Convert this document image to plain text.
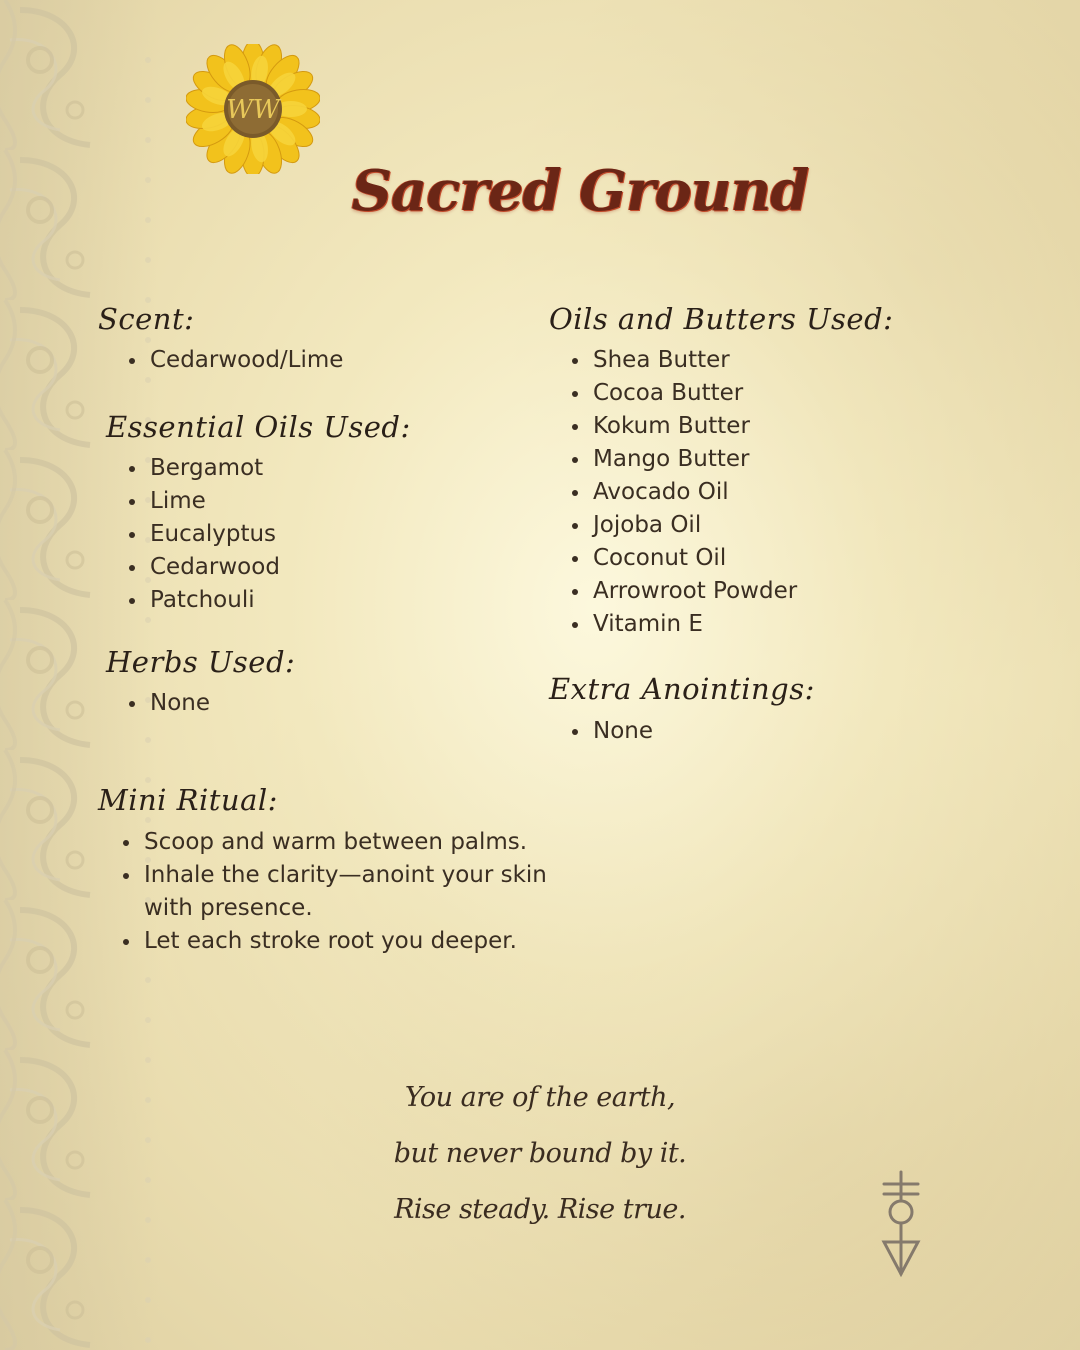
WW
Sacred Ground
Scent:
Cedarwood/Lime
Essential Oils Used:
Bergamot
Lime
Eucalyptus
Cedarwood
Patchouli
Herbs Used:
None
Oils and Butters Used:
Shea Butter
Cocoa Butter
Kokum Butter
Mango Butter
Avocado Oil
Jojoba Oil
Coconut Oil
Arrowroot Powder
Vitamin E
Extra Anointings:
None
Mini Ritual:
Scoop and warm between palms.
Inhale the clarity—anoint your skin with presence.
Let each stroke root you deeper.
You are of the earth,
but never bound by it.
Rise steady. Rise true.
